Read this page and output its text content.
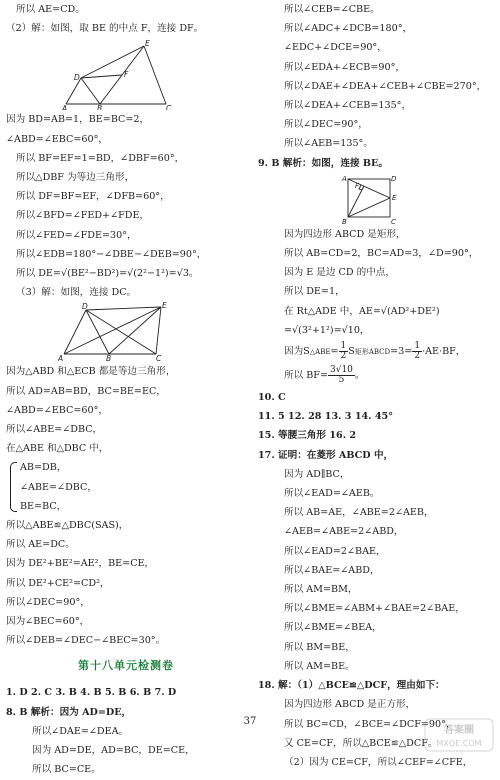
所以 AE=CD。
（2）解：如图，取 BE 的中点 F，连接 DF。
E
D	F
A	B	C
因为 BD=AB=1，BE=BC=2，
∠ABD=∠EBC=60°，
所以 BF=EF=1=BD，∠DBF=60°，
所以△DBF 为等边三角形，
所以 DF=BF=EF，∠DFB=60°，
所以∠BFD=∠FED+∠FDE，
所以∠FED=∠FDE=30°，
所以∠EDB=180°−∠DBE−∠DEB=90°，
所以 DE=√(BE²−BD²)=√(2²−1²)=√3。
（3）解：如图，连接 DC。
D	E
A	B	C
因为△ABD 和△ECB 都是等边三角形，
所以 AD=AB=BD，BC=BE=EC，
∠ABD=∠EBC=60°，
所以∠ABE=∠DBC，
在△ABE 和△DBC 中，
AB=DB，
∠ABE=∠DBC，
BE=BC，
所以△ABE≌△DBC(SAS)，
所以 AE=DC。
因为 DE²+BE²=AE²，BE=CE，
所以 DE²+CE²=CD²，
所以∠DEC=90°，
因为∠BEC=60°，
所以∠DEB=∠DEC−∠BEC=30°。
第十八单元检测卷
1. D 2. C 3. B 4. B 5. B 6. B 7. D
8. B 解析：因为 AD=DE，
所以∠DAE=∠DEA。
因为 AD=DE，AD=BC，DE=CE，
所以 BC=CE。
所以∠CEB=∠CBE。
所以∠ADC+∠DCB=180°，
∠EDC+∠DCE=90°，
所以∠EDA+∠ECB=90°，
所以∠DAE+∠DEA+∠CEB+∠CBE=270°，
所以∠DEA+∠CEB=135°，
所以∠DEC=90°，
所以∠AEB=135°。
9. B 解析：如图，连接 BE。
A	D
F
E
B	C
因为四边形 ABCD 是矩形，
所以 AB=CD=2，BC=AD=3，∠D=90°，
因为 E 是边 CD 的中点，
所以 DE=1，
在 Rt△ADE 中，AE=√(AD²+DE²)
=√(3²+1²)=√10，
因为S△ABE= $\frac{1}{2}$ S矩形ABCD=3= $\frac{1}{2} \cdot AE\cdot BF$，
所以 $BF= \frac{3√10}{5}$ 。
10. C
11. 5 12. 28 13. 3 14. 45°
15. 等腰三角形 16. 2
17. 证明：在菱形 ABCD 中，
因为 AD∥BC，
所以∠EAD=∠AEB。
所以 AB=AE，∠ABE=2∠AEB，
∠AEB=∠ABE=2∠ABD，
所以∠EAD=2∠BAE，
所以∠BAE=∠ABD，
所以 AM=BM，
所以∠BME=∠ABM+∠BAE=2∠BAE，
所以∠BME=∠BEA，
所以 BM=BE，
所以 AM=BE。
18. 解：（1）△BCE≌△DCF，理由如下：
因为四边形 ABCD 是正方形，
所以 BC=CD，∠BCE=∠DCF=90°，
又 CE=CF，所以△BCE≌△DCF。
（2）因为 CE=CF，所以∠CEF=∠CFE，
37
答案圈
MXQE.COM
